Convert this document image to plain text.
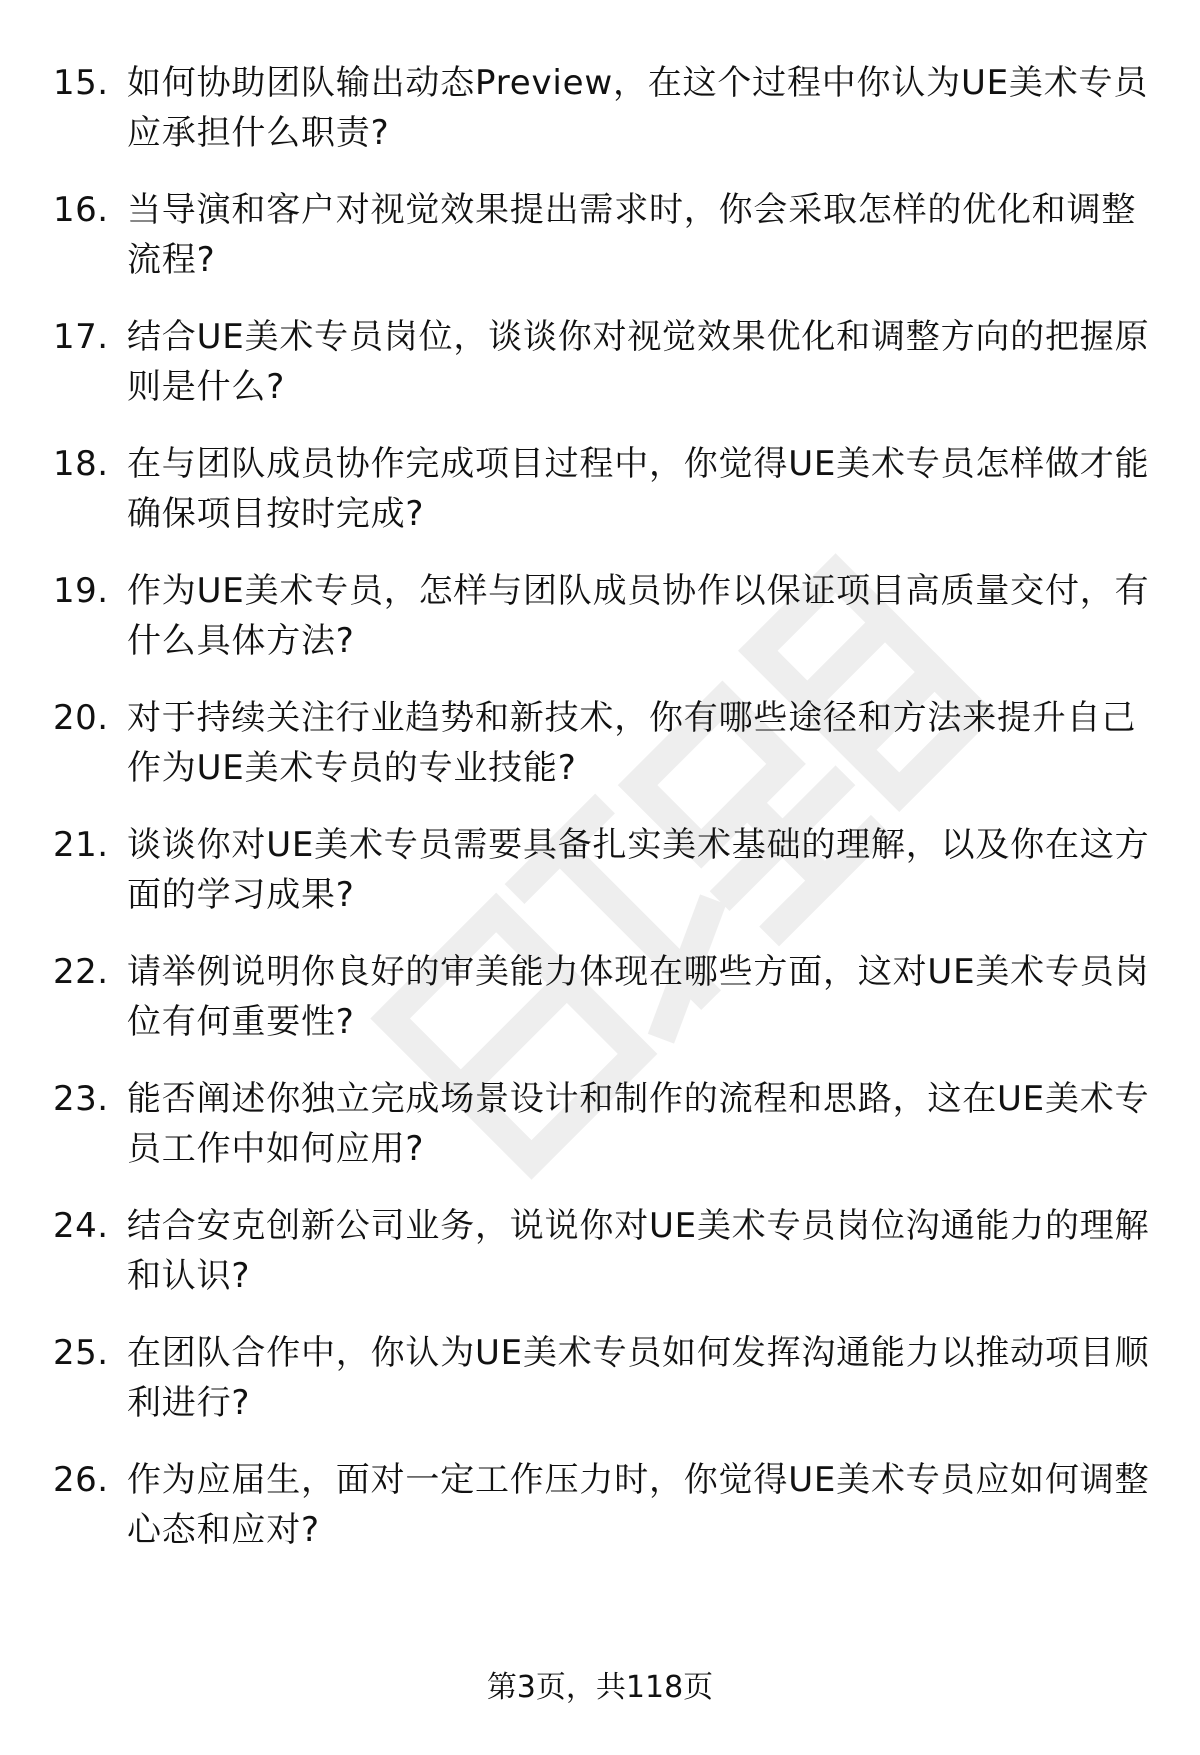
15. 如何协助团队输出动态Preview，在这个过程中你认为UE美术专员应承担什么职责?
16. 当导演和客户对视觉效果提出需求时，你会采取怎样的优化和调整流程?
17. 结合UE美术专员岗位，谈谈你对视觉效果优化和调整方向的把握原则是什么?
18. 在与团队成员协作完成项目过程中，你觉得UE美术专员怎样做才能确保项目按时完成?
19. 作为UE美术专员，怎样与团队成员协作以保证项目高质量交付，有什么具体方法?
20. 对于持续关注行业趋势和新技术，你有哪些途径和方法来提升自己作为UE美术专员的专业技能?
21. 谈谈你对UE美术专员需要具备扎实美术基础的理解，以及你在这方面的学习成果?
22. 请举例说明你良好的审美能力体现在哪些方面，这对UE美术专员岗位有何重要性?
23. 能否阐述你独立完成场景设计和制作的流程和思路，这在UE美术专员工作中如何应用?
24. 结合安克创新公司业务，说说你对UE美术专员岗位沟通能力的理解和认识?
25. 在团队合作中，你认为UE美术专员如何发挥沟通能力以推动项目顺利进行?
26. 作为应届生，面对一定工作压力时，你觉得UE美术专员应如何调整心态和应对?
第3页，共118页
